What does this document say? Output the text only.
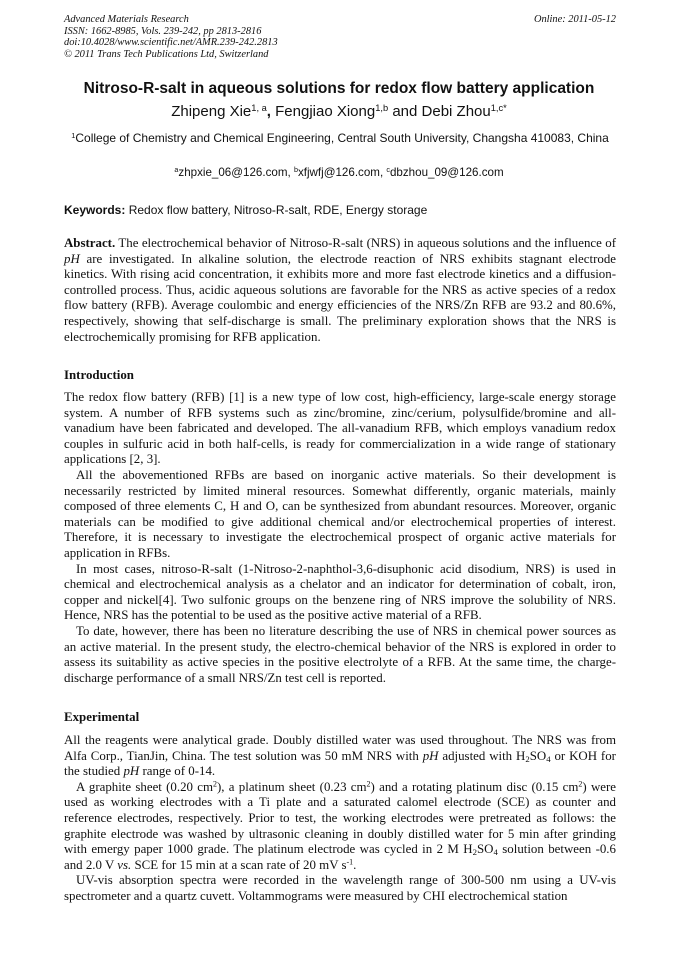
Advanced Materials Research
ISSN: 1662-8985, Vols. 239-242, pp 2813-2816
doi:10.4028/www.scientific.net/AMR.239-242.2813
© 2011 Trans Tech Publications Ltd, Switzerland
Online: 2011-05-12
Nitroso-R-salt in aqueous solutions for redox flow battery application
Zhipeng Xie$^{1, a}$, Fengjiao Xiong$^{1,b}$ and Debi Zhou$^{1,c*}$
$^1$College of Chemistry and Chemical Engineering, Central South University, Changsha 410083, China
$^a$zhpxie_06@126.com, $^b$xfjwfj@126.com, $^c$dbzhou_09@126.com
Keywords: Redox flow battery, Nitroso-R-salt, RDE, Energy storage

Abstract. The electrochemical behavior of Nitroso-R-salt (NRS) in aqueous solutions and the influence of pH are investigated. In alkaline solution, the electrode reaction of NRS exhibits stagnant electrode kinetics. With rising acid concentration, it exhibits more and more fast electrode kinetics and a diffusion-controlled process. Thus, acidic aqueous solutions are favorable for the NRS as active species of a redox flow battery (RFB). Average coulombic and energy efficiencies of the NRS/Zn RFB are 93.2 and 80.6%, respectively, showing that self-discharge is small. The preliminary exploration shows that the NRS is electrochemically promising for RFB application.

Introduction

The redox flow battery (RFB) [1] is a new type of low cost, high-efficiency, large-scale energy storage system. A number of RFB systems such as zinc/bromine, zinc/cerium, polysulfide/bromine and all-vanadium have been fabricated and developed. The all-vanadium RFB, which employs vanadium redox couples in sulfuric acid in both half-cells, is ready for commercialization in a wide range of stationary applications [2, 3].

All the abovementioned RFBs are based on inorganic active materials. So their development is necessarily restricted by limited mineral resources. Somewhat differently, organic materials, mainly composed of three elements C, H and O, can be synthesized from abundant resources. Moreover, organic materials can be modified to give additional chemical and/or electrochemical properties of interest. Therefore, it is necessary to investigate the electrochemical prospect of organic active materials for application in RFBs.

In most cases, nitroso-R-salt (1-Nitroso-2-naphthol-3,6-disuphonic acid disodium, NRS) is used in chemical and electrochemical analysis as a chelator and an indicator for determination of cobalt, iron, copper and nickel[4]. Two sulfonic groups on the benzene ring of NRS improve the solubility of NRS. Hence, NRS has the potential to be used as the positive active material of a RFB.

To date, however, there has been no literature describing the use of NRS in chemical power sources as an active material. In the present study, the electro-chemical behavior of the NRS is explored in order to assess its suitability as active species in the positive electrolyte of a RFB. At the same time, the charge-discharge performance of a small NRS/Zn test cell is reported.

Experimental

All the reagents were analytical grade. Doubly distilled water was used throughout. The NRS was from Alfa Corp., TianJin, China. The test solution was 50 mM NRS with pH adjusted with $H_2SO_4$ or KOH for the studied pH range of 0-14.

A graphite sheet (0.20 $cm^2$), a platinum sheet (0.23 $cm^2$) and a rotating platinum disc (0.15 $cm^2$) were used as working electrodes with a Ti plate and a saturated calomel electrode (SCE) as counter and reference electrodes, respectively. Prior to test, the working electrodes were pretreated as follows: the graphite electrode was washed by ultrasonic cleaning in doubly distilled water for 5 min after grinding with emergy paper 1000 grade. The platinum electrode was cycled in 2 M $H_2SO_4$ solution between -0.6 and 2.0 V vs. SCE for 15 min at a scan rate of 20 mV $s^{-1}$.

UV-vis absorption spectra were recorded in the wavelength range of 300-500 nm using a UV-vis spectrometer and a quartz cuvett. Voltammograms were measured by CHI electrochemical station
